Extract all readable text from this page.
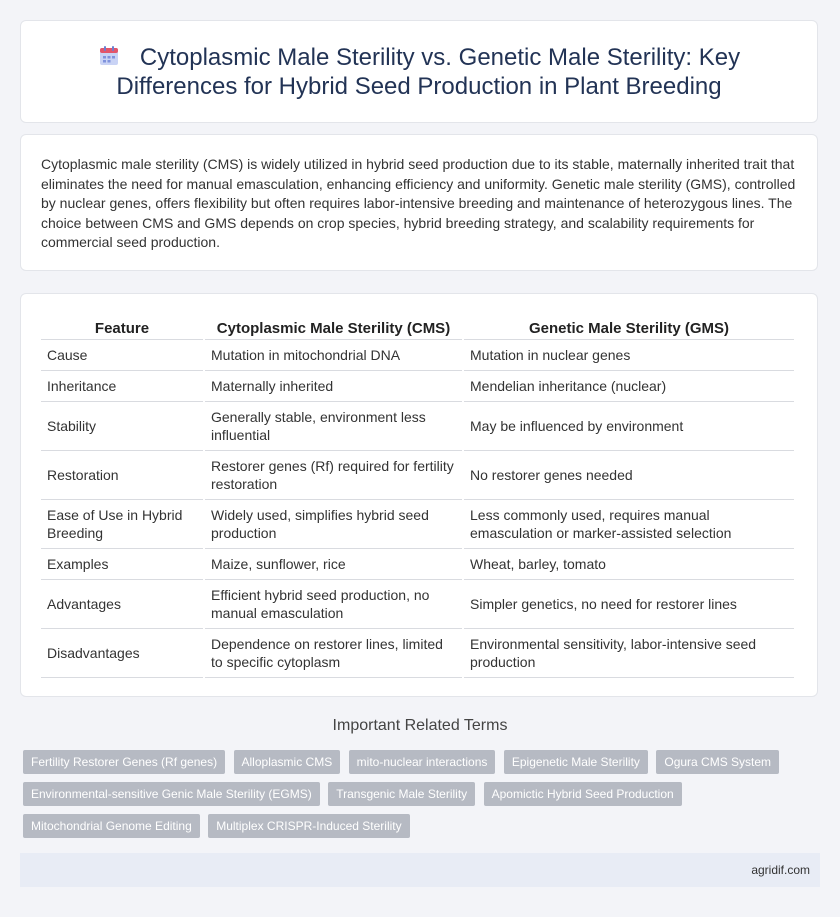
Cytoplasmic Male Sterility vs. Genetic Male Sterility: Key Differences for Hybrid Seed Production in Plant Breeding

Cytoplasmic male sterility (CMS) is widely utilized in hybrid seed production due to its stable, maternally inherited trait that eliminates the need for manual emasculation, enhancing efficiency and uniformity. Genetic male sterility (GMS), controlled by nuclear genes, offers flexibility but often requires labor-intensive breeding and maintenance of heterozygous lines. The choice between CMS and GMS depends on crop species, hybrid breeding strategy, and scalability requirements for commercial seed production.

Feature	Cytoplasmic Male Sterility (CMS)	Genetic Male Sterility (GMS)
Cause	Mutation in mitochondrial DNA	Mutation in nuclear genes
Inheritance	Maternally inherited	Mendelian inheritance (nuclear)
Stability	Generally stable, environment less influential	May be influenced by environment
Restoration	Restorer genes (Rf) required for fertility restoration	No restorer genes needed
Ease of Use in Hybrid Breeding	Widely used, simplifies hybrid seed production	Less commonly used, requires manual emasculation or marker-assisted selection
Examples	Maize, sunflower, rice	Wheat, barley, tomato
Advantages	Efficient hybrid seed production, no manual emasculation	Simpler genetics, no need for restorer lines
Disadvantages	Dependence on restorer lines, limited to specific cytoplasm	Environmental sensitivity, labor-intensive seed production
Important Related Terms
Fertility Restorer Genes (Rf genes) Alloplasmic CMS mito-nuclear interactions Epigenetic Male Sterility Ogura CMS System Environmental-sensitive Genic Male Sterility (EGMS) Transgenic Male Sterility Apomictic Hybrid Seed Production Mitochondrial Genome Editing Multiplex CRISPR-Induced Sterility
agridif.com
